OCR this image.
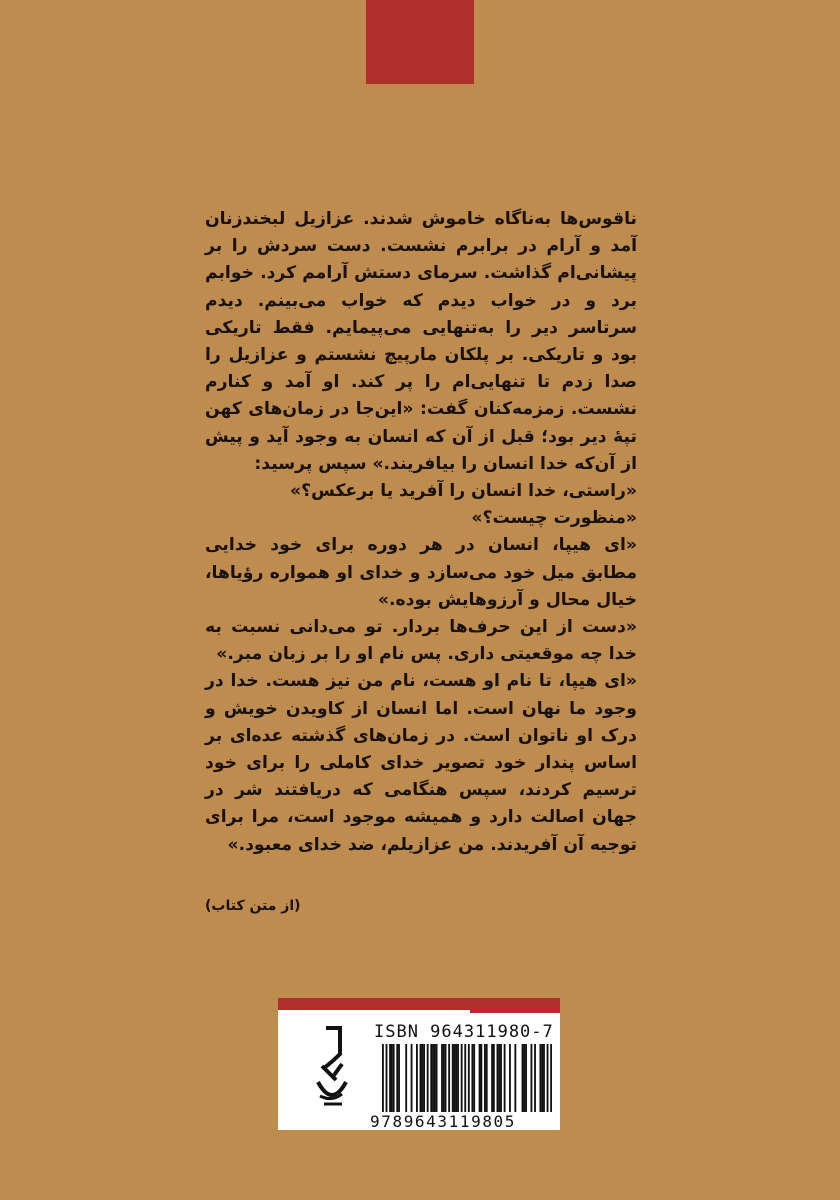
ناقوس‌ها به‌ناگاه خاموش شدند. عزازیل لبخندزنان آمد و آرام در برابرم نشست. دست سردش را بر پیشانی‌ام گذاشت. سرمای دستش آرامم کرد. خوابم برد و در خواب دیدم که خواب می‌بینم. دیدم سرتاسر دیر را به‌تنهایی می‌پیمایم. فقط تاریکی بود و تاریکی. بر پلکان مارپیچ نشستم و عزازیل را صدا زدم تا تنهایی‌ام را پر کند. او آمد و کنارم نشست. زمزمه‌کنان گفت: «این‌جا در زمان‌های کهن تپهٔ دیر بود؛ قبل از آن که انسان به وجود آید و پیش از آن‌که خدا انسان را بیافریند.» سپس پرسید:

«راستی، خدا انسان را آفرید یا برعکس؟»

«منظورت چیست؟»

«ای هیپا، انسان در هر دوره برای خود خدایی مطابق میل خود می‌سازد و خدای او همواره رؤیاها، خیال محال و آرزوهایش بوده.»

«دست از این حرف‌ها بردار. تو می‌دانی نسبت به خدا چه موقعیتی داری. پس نام او را بر زبان مبر.»

«ای هیپا، تا نام او هست، نام من نیز هست. خدا در وجود ما نهان است. اما انسان از کاویدن خویش و درک او ناتوان است. در زمان‌های گذشته عده‌ای بر اساس پندار خود تصویر خدای کاملی را برای خود ترسیم کردند، سپس هنگامی که دریافتند شر در جهان اصالت دارد و همیشه موجود است، مرا برای توجیه آن آفریدند. من عزازیلم، ضد خدای معبود.»

(از متن کتاب)
ISBN 964311980-7
9789643119805
